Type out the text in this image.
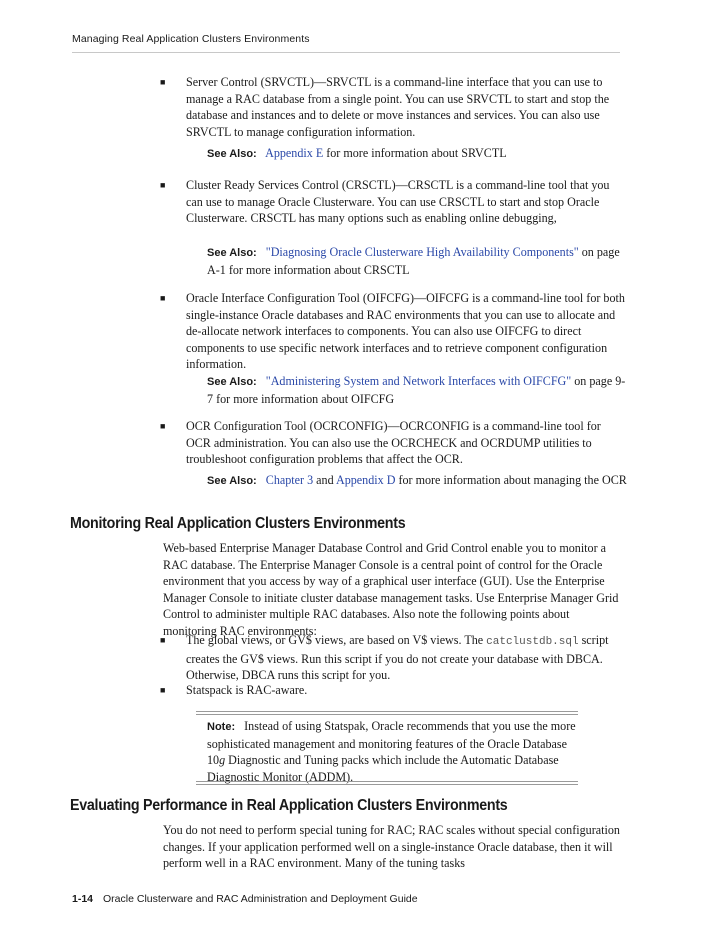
Managing Real Application Clusters Environments
■ Server Control (SRVCTL)—SRVCTL is a command-line interface that you can use to manage a RAC database from a single point. You can use SRVCTL to start and stop the database and instances and to delete or move instances and services. You can also use SRVCTL to manage configuration information.
See Also: Appendix E for more information about SRVCTL
■ Cluster Ready Services Control (CRSCTL)—CRSCTL is a command-line tool that you can use to manage Oracle Clusterware. You can use CRSCTL to start and stop Oracle Clusterware. CRSCTL has many options such as enabling online debugging,
See Also: "Diagnosing Oracle Clusterware High Availability Components" on page A-1 for more information about CRSCTL
■ Oracle Interface Configuration Tool (OIFCFG)—OIFCFG is a command-line tool for both single-instance Oracle databases and RAC environments that you can use to allocate and de-allocate network interfaces to components. You can also use OIFCFG to direct components to use specific network interfaces and to retrieve component configuration information.
See Also: "Administering System and Network Interfaces with OIFCFG" on page 9-7 for more information about OIFCFG
■ OCR Configuration Tool (OCRCONFIG)—OCRCONFIG is a command-line tool for OCR administration. You can also use the OCRCHECK and OCRDUMP utilities to troubleshoot configuration problems that affect the OCR.
See Also: Chapter 3 and Appendix D for more information about managing the OCR
Monitoring Real Application Clusters Environments
Web-based Enterprise Manager Database Control and Grid Control enable you to monitor a RAC database. The Enterprise Manager Console is a central point of control for the Oracle environment that you access by way of a graphical user interface (GUI). Use the Enterprise Manager Console to initiate cluster database management tasks. Use Enterprise Manager Grid Control to administer multiple RAC databases. Also note the following points about monitoring RAC environments:
■ The global views, or GV$ views, are based on V$ views. The catclustdb.sql script creates the GV$ views. Run this script if you do not create your database with DBCA. Otherwise, DBCA runs this script for you.
■ Statspack is RAC-aware.
Note: Instead of using Statspak, Oracle recommends that you use the more sophisticated management and monitoring features of the Oracle Database 10g Diagnostic and Tuning packs which include the Automatic Database Diagnostic Monitor (ADDM).
Evaluating Performance in Real Application Clusters Environments
You do not need to perform special tuning for RAC; RAC scales without special configuration changes. If your application performed well on a single-instance Oracle database, then it will perform well in a RAC environment. Many of the tuning tasks
1-14 Oracle Clusterware and RAC Administration and Deployment Guide
